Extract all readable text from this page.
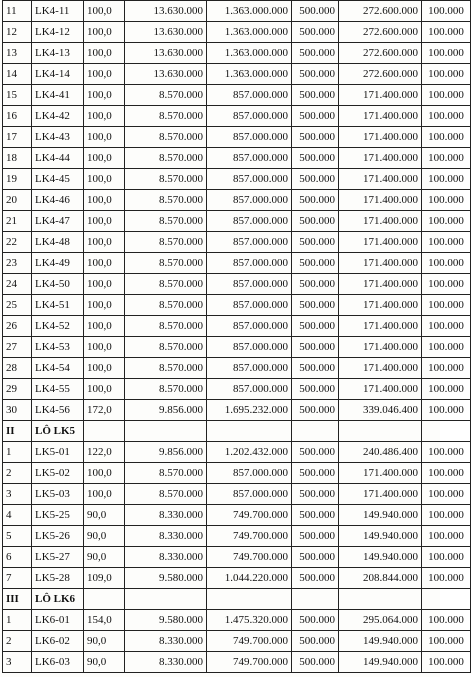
11	LK4-11	100,0	13.630.000	1.363.000.000	500.000	272.600.000	100.000
12	LK4-12	100,0	13.630.000	1.363.000.000	500.000	272.600.000	100.000
13	LK4-13	100,0	13.630.000	1.363.000.000	500.000	272.600.000	100.000
14	LK4-14	100,0	13.630.000	1.363.000.000	500.000	272.600.000	100.000
15	LK4-41	100,0	8.570.000	857.000.000	500.000	171.400.000	100.000
16	LK4-42	100,0	8.570.000	857.000.000	500.000	171.400.000	100.000
17	LK4-43	100,0	8.570.000	857.000.000	500.000	171.400.000	100.000
18	LK4-44	100,0	8.570.000	857.000.000	500.000	171.400.000	100.000
19	LK4-45	100,0	8.570.000	857.000.000	500.000	171.400.000	100.000
20	LK4-46	100,0	8.570.000	857.000.000	500.000	171.400.000	100.000
21	LK4-47	100,0	8.570.000	857.000.000	500.000	171.400.000	100.000
22	LK4-48	100,0	8.570.000	857.000.000	500.000	171.400.000	100.000
23	LK4-49	100,0	8.570.000	857.000.000	500.000	171.400.000	100.000
24	LK4-50	100,0	8.570.000	857.000.000	500.000	171.400.000	100.000
25	LK4-51	100,0	8.570.000	857.000.000	500.000	171.400.000	100.000
26	LK4-52	100,0	8.570.000	857.000.000	500.000	171.400.000	100.000
27	LK4-53	100,0	8.570.000	857.000.000	500.000	171.400.000	100.000
28	LK4-54	100,0	8.570.000	857.000.000	500.000	171.400.000	100.000
29	LK4-55	100,0	8.570.000	857.000.000	500.000	171.400.000	100.000
30	LK4-56	172,0	9.856.000	1.695.232.000	500.000	339.046.400	100.000
II	LÔ LK5						
1	LK5-01	122,0	9.856.000	1.202.432.000	500.000	240.486.400	100.000
2	LK5-02	100,0	8.570.000	857.000.000	500.000	171.400.000	100.000
3	LK5-03	100,0	8.570.000	857.000.000	500.000	171.400.000	100.000
4	LK5-25	90,0	8.330.000	749.700.000	500.000	149.940.000	100.000
5	LK5-26	90,0	8.330.000	749.700.000	500.000	149.940.000	100.000
6	LK5-27	90,0	8.330.000	749.700.000	500.000	149.940.000	100.000
7	LK5-28	109,0	9.580.000	1.044.220.000	500.000	208.844.000	100.000
III	LÔ LK6						
1	LK6-01	154,0	9.580.000	1.475.320.000	500.000	295.064.000	100.000
2	LK6-02	90,0	8.330.000	749.700.000	500.000	149.940.000	100.000
3	LK6-03	90,0	8.330.000	749.700.000	500.000	149.940.000	100.000
